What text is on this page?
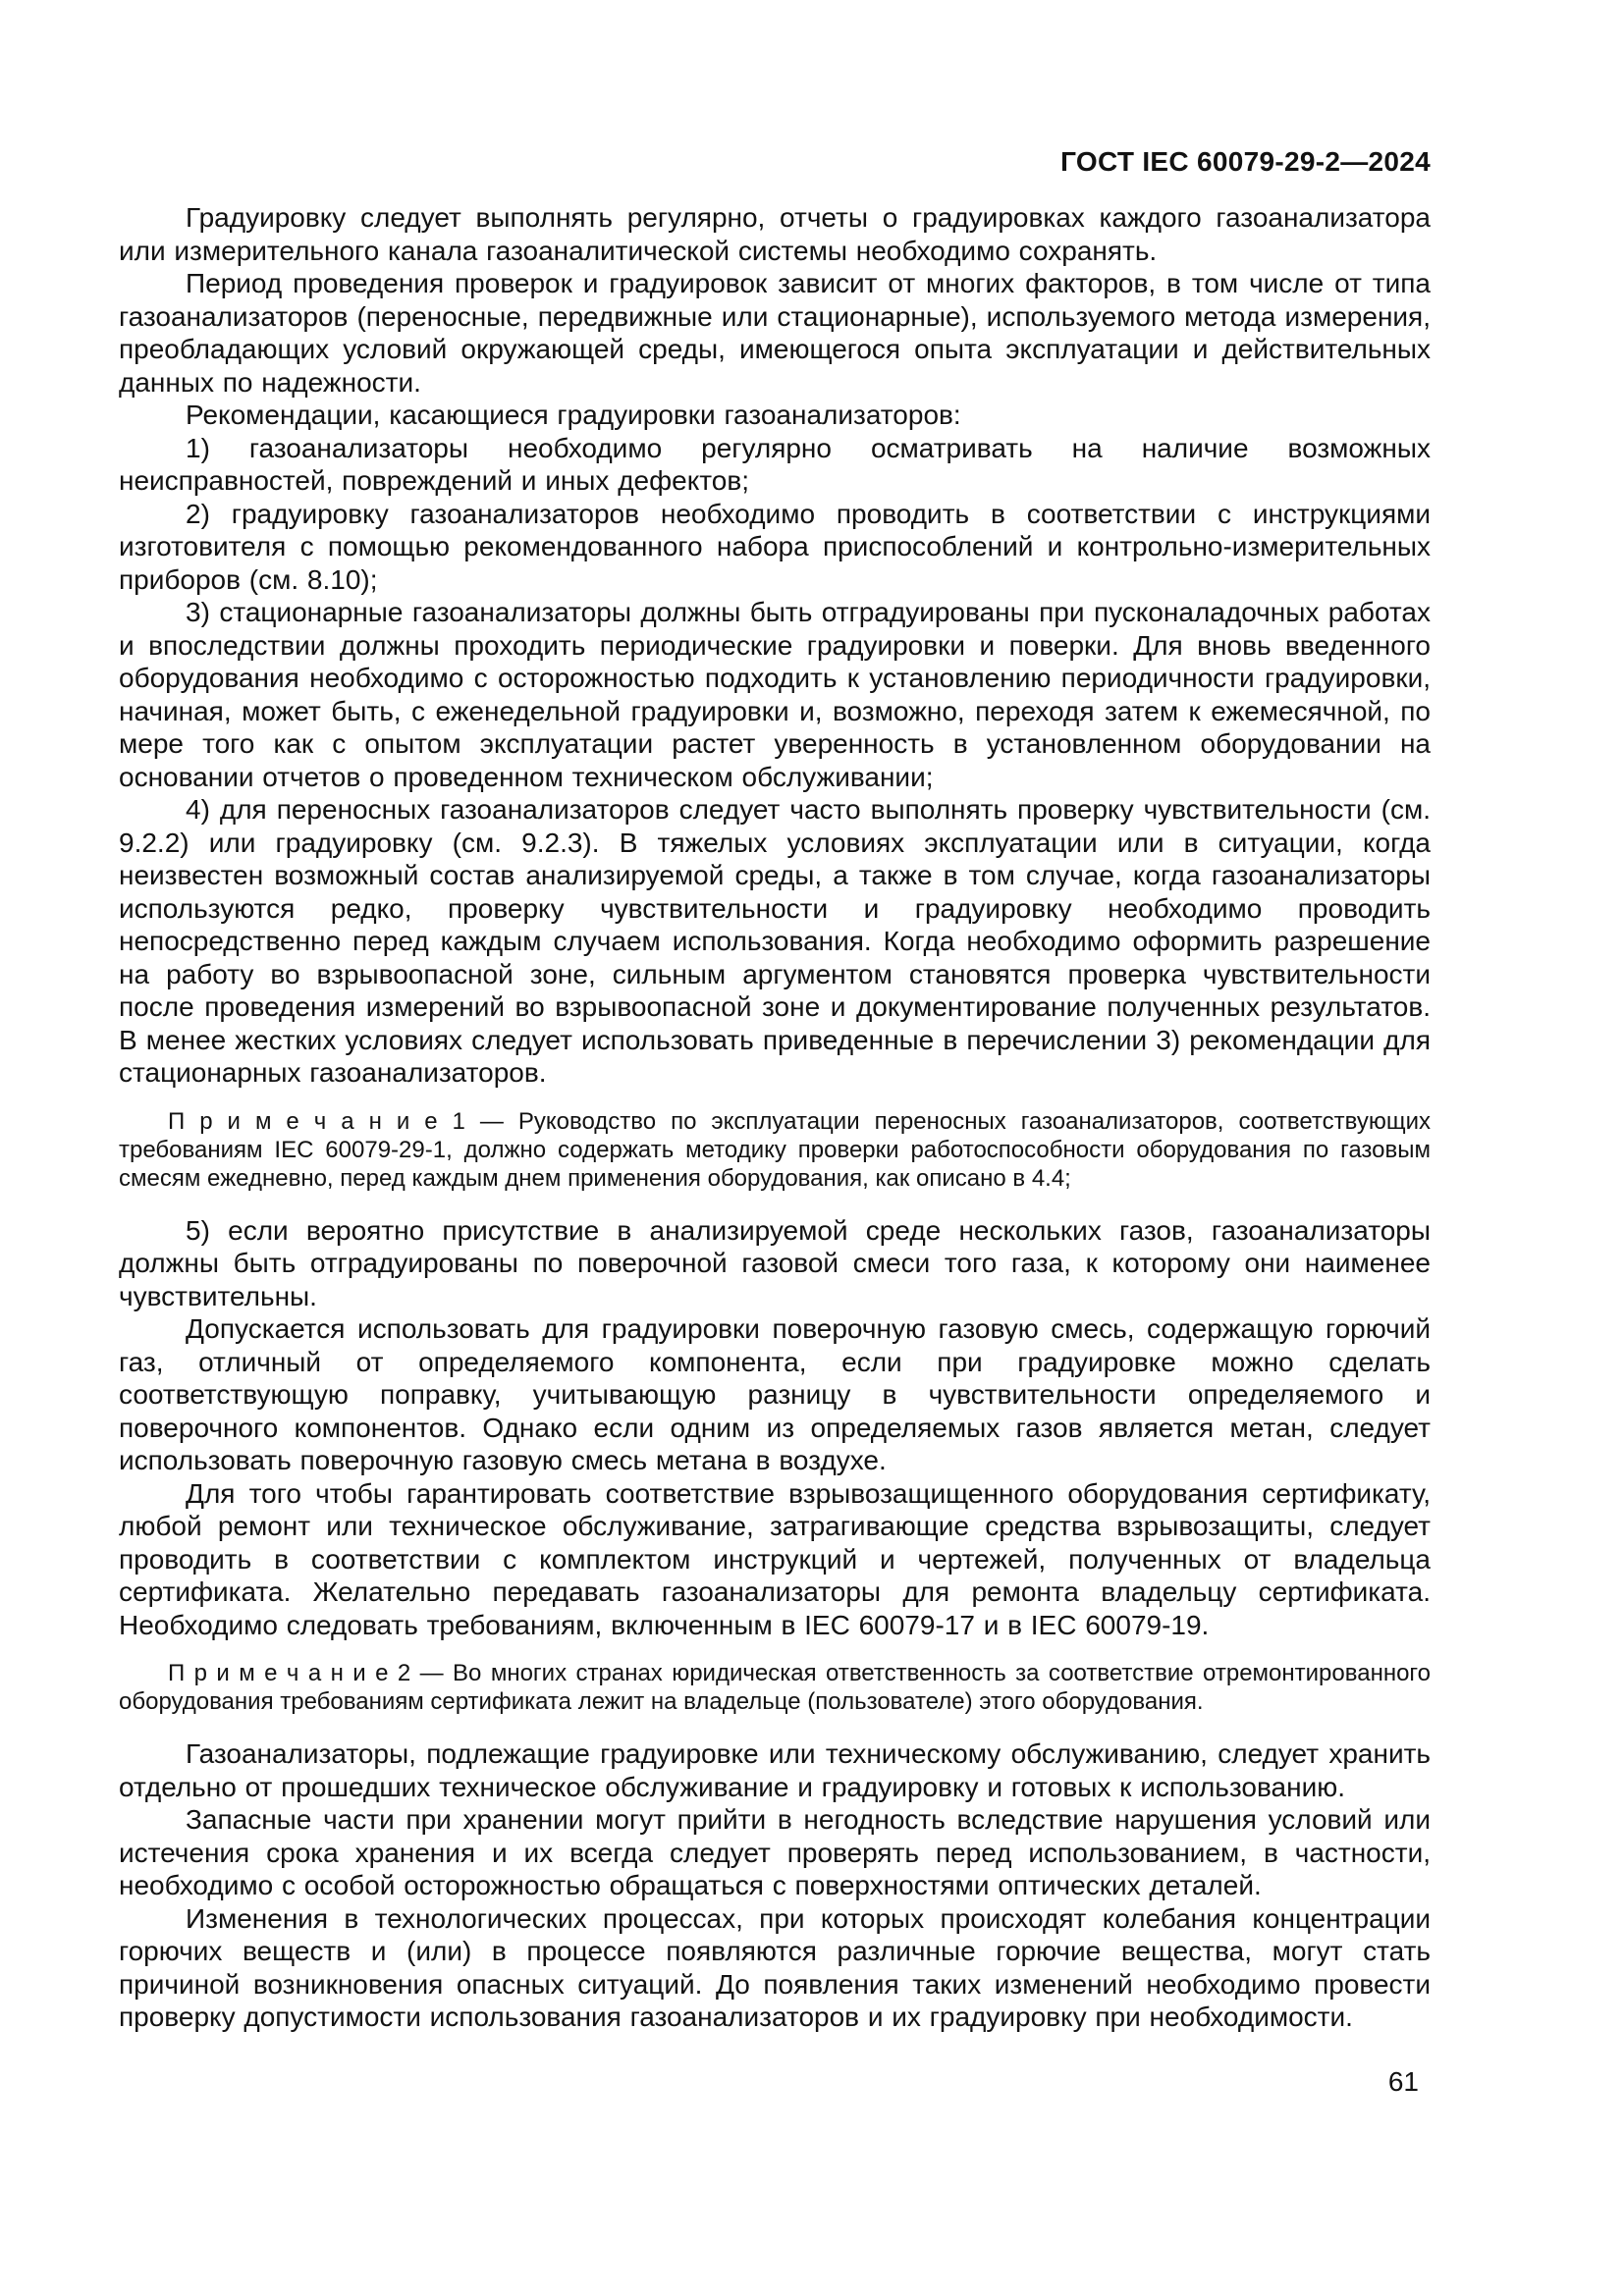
ГОСТ IEC 60079-29-2—2024

Градуировку следует выполнять регулярно, отчеты о градуировках каждого газоанализатора или измерительного канала газоаналитической системы необходимо сохранять.

Период проведения проверок и градуировок зависит от многих факторов, в том числе от типа газоанализаторов (переносные, передвижные или стационарные), используемого метода измерения, преобладающих условий окружающей среды, имеющегося опыта эксплуатации и действительных данных по надежности.

Рекомендации, касающиеся градуировки газоанализаторов:

1) газоанализаторы необходимо регулярно осматривать на наличие возможных неисправностей, повреждений и иных дефектов;

2) градуировку газоанализаторов необходимо проводить в соответствии с инструкциями изготовителя с помощью рекомендованного набора приспособлений и контрольно-измерительных приборов (см. 8.10);

3) стационарные газоанализаторы должны быть отградуированы при пусконаладочных работах и впоследствии должны проходить периодические градуировки и поверки. Для вновь введенного оборудования необходимо с осторожностью подходить к установлению периодичности градуировки, начиная, может быть, с еженедельной градуировки и, возможно, переходя затем к ежемесячной, по мере того как с опытом эксплуатации растет уверенность в установленном оборудовании на основании отчетов о проведенном техническом обслуживании;

4) для переносных газоанализаторов следует часто выполнять проверку чувствительности (см. 9.2.2) или градуировку (см. 9.2.3). В тяжелых условиях эксплуатации или в ситуации, когда неизвестен возможный состав анализируемой среды, а также в том случае, когда газоанализаторы используются редко, проверку чувствительности и градуировку необходимо проводить непосредственно перед каждым случаем использования. Когда необходимо оформить разрешение на работу во взрывоопасной зоне, сильным аргументом становятся проверка чувствительности после проведения измерений во взрывоопасной зоне и документирование полученных результатов. В менее жестких условиях следует использовать приведенные в перечислении 3) рекомендации для стационарных газоанализаторов.

П р и м е ч а н и е 1 — Руководство по эксплуатации переносных газоанализаторов, соответствующих требованиям IEC 60079-29-1, должно содержать методику проверки работоспособности оборудования по газовым смесям ежедневно, перед каждым днем применения оборудования, как описано в 4.4;

5) если вероятно присутствие в анализируемой среде нескольких газов, газоанализаторы должны быть отградуированы по поверочной газовой смеси того газа, к которому они наименее чувствительны.

Допускается использовать для градуировки поверочную газовую смесь, содержащую горючий газ, отличный от определяемого компонента, если при градуировке можно сделать соответствующую поправку, учитывающую разницу в чувствительности определяемого и поверочного компонентов. Однако если одним из определяемых газов является метан, следует использовать поверочную газовую смесь метана в воздухе.

Для того чтобы гарантировать соответствие взрывозащищенного оборудования сертификату, любой ремонт или техническое обслуживание, затрагивающие средства взрывозащиты, следует проводить в соответствии с комплектом инструкций и чертежей, полученных от владельца сертификата. Желательно передавать газоанализаторы для ремонта владельцу сертификата. Необходимо следовать требованиям, включенным в IEC 60079-17 и в IEC 60079-19.

П р и м е ч а н и е 2 — Во многих странах юридическая ответственность за соответствие отремонтированного оборудования требованиям сертификата лежит на владельце (пользователе) этого оборудования.

Газоанализаторы, подлежащие градуировке или техническому обслуживанию, следует хранить отдельно от прошедших техническое обслуживание и градуировку и готовых к использованию.

Запасные части при хранении могут прийти в негодность вследствие нарушения условий или истечения срока хранения и их всегда следует проверять перед использованием, в частности, необходимо с особой осторожностью обращаться с поверхностями оптических деталей.

Изменения в технологических процессах, при которых происходят колебания концентрации горючих веществ и (или) в процессе появляются различные горючие вещества, могут стать причиной возникновения опасных ситуаций. До появления таких изменений необходимо провести проверку допустимости использования газоанализаторов и их градуировку при необходимости.

61
